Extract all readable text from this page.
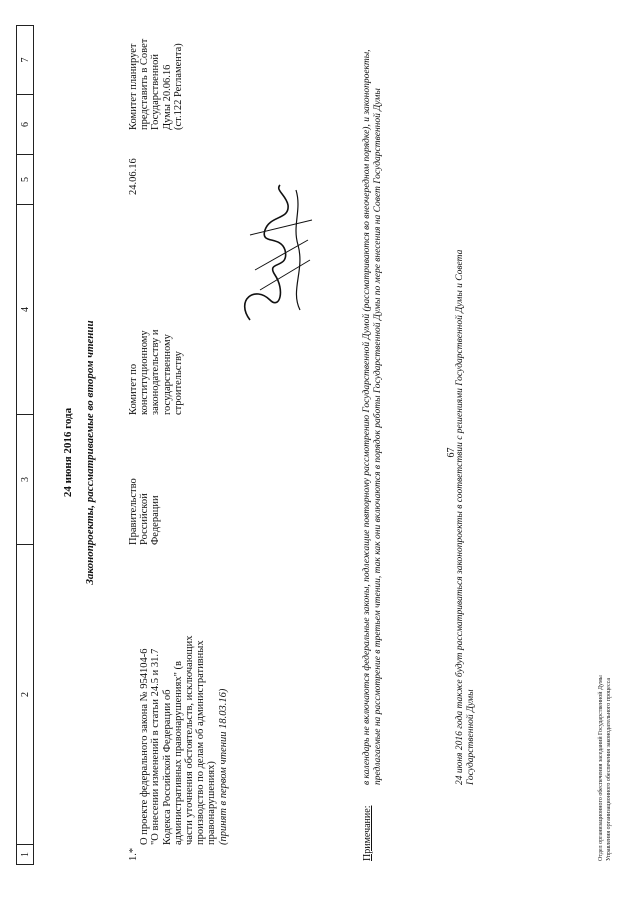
1
2
3
4
5
6
7
67
24 июня 2016 года Законопроекты, рассматриваемые во втором чтении
1.*

О проекте федерального закона № 954104-6 "О внесении изменений в статьи 24.5 и 31.7 Кодекса Российской Федерации об административных правонарушениях" (в части уточнения обстоятельств, исключающих производство по делам об административных правонарушениях) (принят в первом чтении 18.03.16)

Правительство
Российской
Федерации
Комитет по
конституционному
законодательству и
государственному
строительству
24.06.16
Комитет планирует
представить в Совет
Государственной
Думы 20.06.16
(ст.122 Регламента)
Примечание:
в календарь не включаются федеральные законы, подлежащие повторному рассмотрению Государственной Думой (рассматриваются во внеочередном порядке), и законопроекты, предлагаемые на рассмотрение в третьем чтении, так как они включаются в порядок работы Государственной Думы по мере внесения на Совет Государственной Думы	24 июня 2016 года также будут рассматриваться законопроекты в соответствии с решениями Государственной Думы и Совета Государственной Думы	Отдел организационного обеспечения заседаний Государственной Думы Управления организационного обеспечения законодательного процесса
